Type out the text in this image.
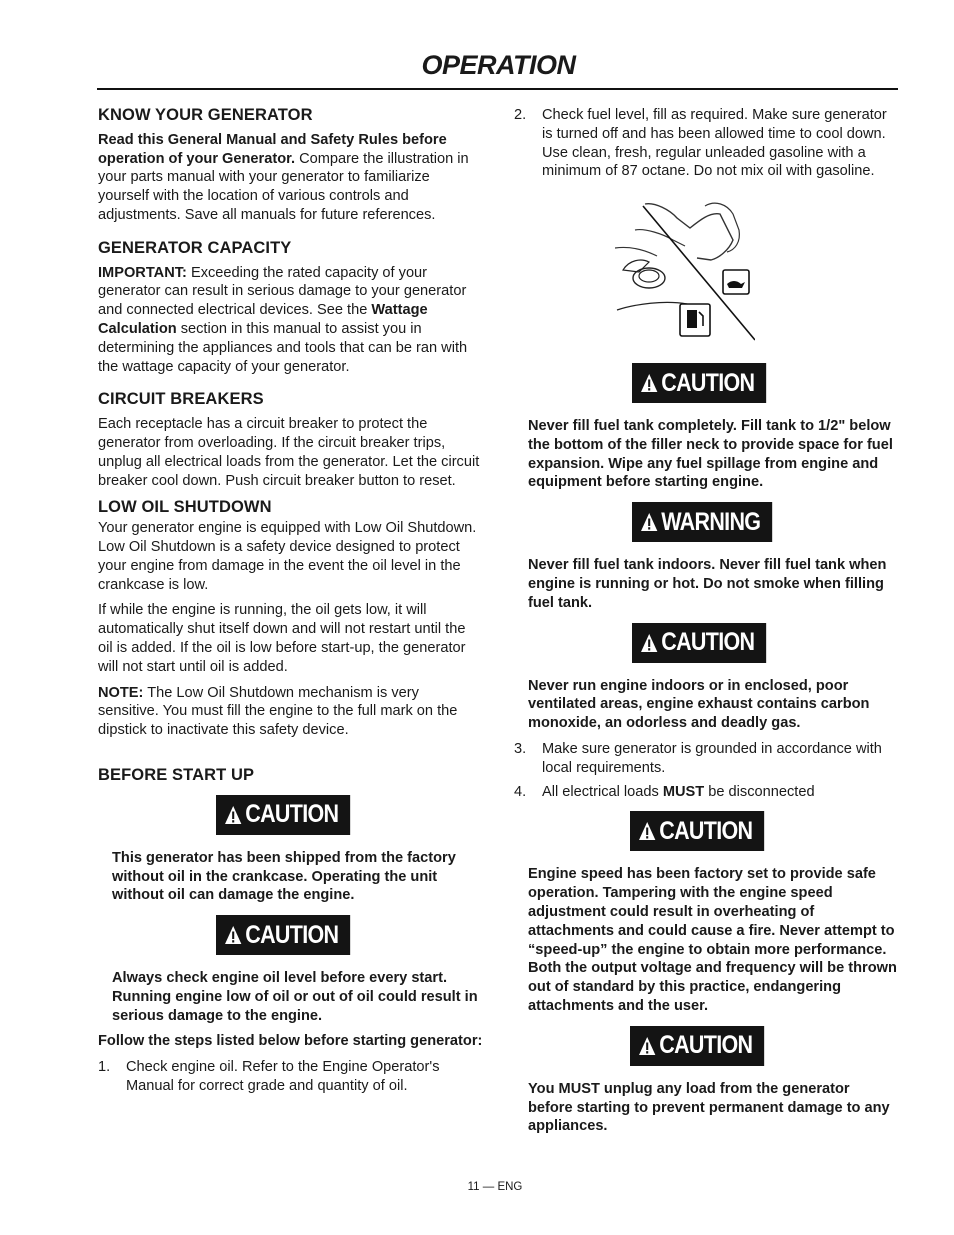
OPERATION
KNOW YOUR GENERATOR

Read this General Manual and Safety Rules before operation of your Generator. Compare the illustration in your parts manual with your generator to familiarize yourself with the location of various controls and adjustments. Save all manuals for future references.

GENERATOR CAPACITY

IMPORTANT: Exceeding the rated capacity of your generator can result in serious damage to your generator and connected electrical devices. See the Wattage Calculation section in this manual to assist you in determining the appliances and tools that can be ran with the wattage capacity of your generator.

CIRCUIT BREAKERS

Each receptacle has a circuit breaker to protect the generator from overloading. If the circuit breaker trips, unplug all electrical loads from the generator. Let the circuit breaker cool down. Push circuit breaker button to reset.

LOW OIL SHUTDOWN

Your generator engine is equipped with Low Oil Shutdown. Low Oil Shutdown is a safety device designed to protect your engine from damage in the event the oil level in the crankcase is low.

If while the engine is running, the oil gets low, it will automatically shut itself down and will not restart until the oil is added. If the oil is low before start-up, the generator will not start until oil is added.

NOTE: The Low Oil Shutdown mechanism is very sensitive. You must fill the engine to the full mark on the dipstick to inactivate this safety device.

BEFORE START UP
CAUTION

This generator has been shipped from the factory without oil in the crankcase. Operating the unit without oil can damage the engine.

CAUTION

Always check engine oil level before every start. Running engine low of oil or out of oil could result in serious damage to the engine.

Follow the steps listed below before starting generator:

1.	Check engine oil. Refer to the Engine Operator's Manual for correct grade and quantity of oil.
2.	Check fuel level, fill as required. Make sure generator is turned off and has been allowed time to cool down. Use clean, fresh, regular unleaded gasoline with a minimum of 87 octane. Do not mix oil with gasoline.
CAUTION

Never fill fuel tank completely. Fill tank to 1/2" below the bottom of the filler neck to provide space for fuel expansion. Wipe any fuel spillage from engine and equipment before starting engine.

WARNING

Never fill fuel tank indoors. Never fill fuel tank when engine is running or hot. Do not smoke when filling fuel tank.

CAUTION

Never run engine indoors or in enclosed, poor ventilated areas, engine exhaust contains carbon monoxide, an odorless and deadly gas.

3.	Make sure generator is grounded in accordance with local requirements.
4.	All electrical loads MUST be disconnected
CAUTION

Engine speed has been factory set to provide safe operation. Tampering with the engine speed adjustment could result in overheating of attachments and could cause a fire. Never attempt to “speed-up” the engine to obtain more performance. Both the output voltage and frequency will be thrown out of standard by this practice, endangering attachments and the user.

CAUTION

You MUST unplug any load from the generator before starting to prevent permanent damage to any appliances.

11 — ENG
